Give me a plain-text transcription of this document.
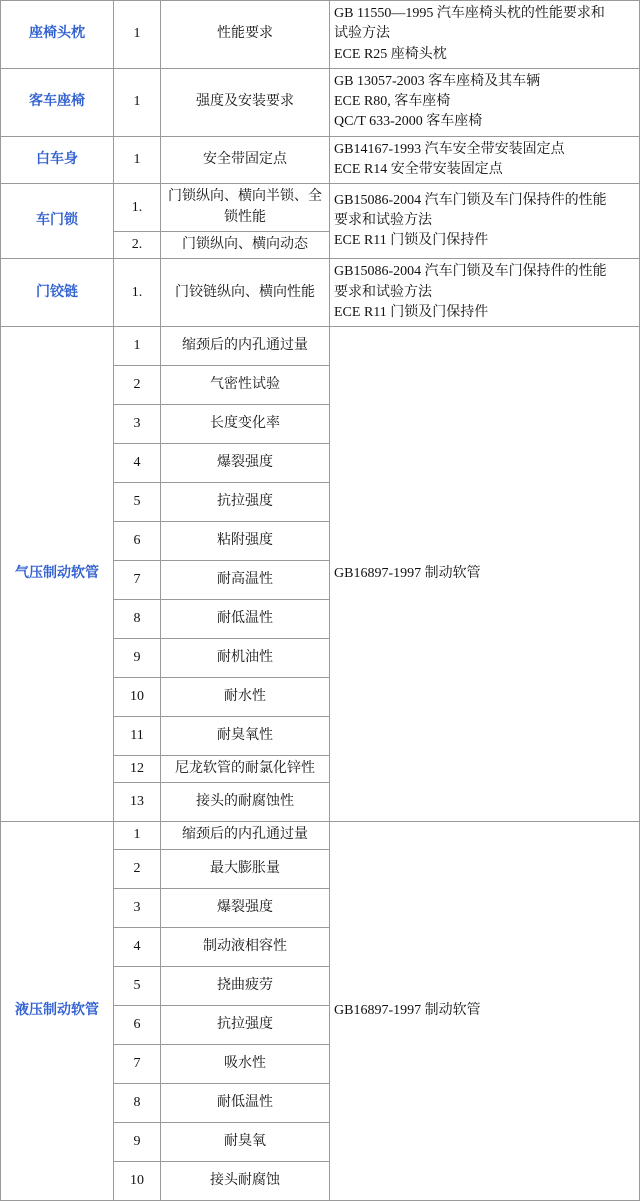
座椅头枕	1	性能要求	GB 11550—1995 汽车座椅头枕的性能要求和
试验方法
ECE R25 座椅头枕

客车座椅	1	强度及安装要求	GB 13057-2003 客车座椅及其车辆
ECE R80, 客车座椅
QC/T 633-2000 客车座椅

白车身	1	安全带固定点	GB14167-1993 汽车安全带安装固定点
ECE R14 安全带安装固定点

车门锁	1.	门锁纵向、横向半锁、全锁性能	GB15086-2004 汽车门锁及车门保持件的性能
要求和试验方法
ECE R11 门锁及门保持件

	2.	门锁纵向、横向动态	
门铰链	1.	门铰链纵向、横向性能	GB15086-2004 汽车门锁及车门保持件的性能
要求和试验方法
ECE R11 门锁及门保持件

气压制动软管	1	缩颈后的内孔通过量	GB16897-1997 制动软管

	2	气密性试验	
	3	长度变化率	
	4	爆裂强度	
	5	抗拉强度	
	6	粘附强度	
	7	耐高温性	
	8	耐低温性	
	9	耐机油性	
	10	耐水性	
	11	耐臭氧性	
	12	尼龙软管的耐氯化锌性	
	13	接头的耐腐蚀性	

液压制动软管	1	缩颈后的内孔通过量	GB16897-1997 制动软管

	2	最大膨胀量	
	3	爆裂强度	
	4	制动液相容性	
	5	挠曲疲劳	
	6	抗拉强度	
	7	吸水性	
	8	耐低温性	
	9	耐臭氧	
	10	接头耐腐蚀	
